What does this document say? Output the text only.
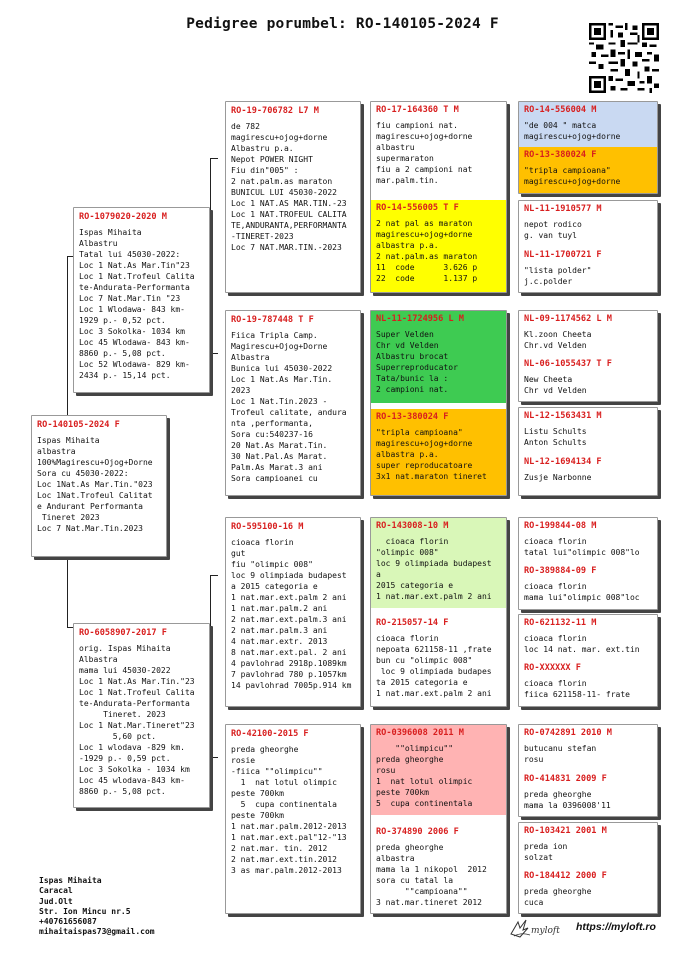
Pedigree porumbel: RO-140105-2024 F
RO-140105-2024 F
Ispas Mihaita
albastra
100%Magirescu+Ojog+Dorne
Sora cu 45030-2022:
Loc 1Nat.As Mar.Tin."023
Loc 1Nat.Trofeul Calitat
e Andurant Performanta
Tineret 2023
Loc 7 Nat.Mar.Tin.2023
RO-1079020-2020 M
Ispas Mihaita
Albastru
Tatal lui 45030-2022:
Loc 1 Nat.As Mar.Tin"23
Loc 1 Nat.Trofeul Calita
te-Andurata-Performanta
Loc 7 Nat.Mar.Tin "23
Loc 1 Wlodawa- 843 km-
1929 p.- 0,52 pct.
Loc 3 Sokolka- 1034 km
Loc 45 Wlodawa- 843 km-
8860 p.- 5,08 pct.
Loc 52 Wlodawa- 829 km-
2434 p.- 15,14 pct.
RO-6058907-2017 F
orig. Ispas Mihaita
Albastra
mama lui 45030-2022
Loc 1 Nat.As Mar.Tin."23
Loc 1 Nat.Trofeul Calita
te-Andurata-Performanta
Tineret. 2023
Loc 1 Nat.Mar.Tineret"23
5,60 pct.
Loc 1 wlodava -829 km.
-1929 p.- 0,59 pct.
Loc 3 Sokolka - 1034 km
Loc 45 wlodava-843 km-
8860 p.- 5,08 pct.
RO-19-706782 L7 M
de 782
magirescu+ojog+dorne
Albastru p.a.
Nepot POWER NIGHT
Fiu din"005" :
2 nat.palm.as maraton
BUNICUL LUI 45030-2022
Loc 1 NAT.AS MAR.TIN.-23
Loc 1 NAT.TROFEUL CALITA
TE,ANDURANTA,PERFORMANTA
-TINERET-2023
Loc 7 NAT.MAR.TIN.-2023
RO-19-787448 T F
Fiica Tripla Camp.
Magirescu+Ojog+Dorne
Albastra
Bunica lui 45030-2022
Loc 1 Nat.As Mar.Tin.
2023
Loc 1 Nat.Tin.2023 -
Trofeul calitate, andura
nta ,performanta,
Sora cu:540237-16
20 Nat.As Marat.Tin.
30 Nat.Pal.As Marat.
Palm.As Marat.3 ani
Sora campioanei cu
RO-595100-16 M
cioaca florin
gut
fiu "olimpic 008"
loc 9 olimpiada budapest
a 2015 categoria e
1 nat.mar.ext.palm 2 ani
1 nat.mar.palm.2 ani
2 nat.mar.ext.palm.3 ani
2 nat.mar.palm.3 ani
4 nat.mar.extr. 2013
8 nat.mar.ext.pal. 2 ani
4 pavlohrad 2918p.1089km
7 pavlohrad 780 p.1057km
14 pavlohrad 7005p.914 km
RO-42100-2015 F
preda gheorghe
rosie
-fiica ""olimpicu""
1  nat lotul olimpic
peste 700km
5  cupa continentala
peste 700km
1 nat.mar.palm.2012-2013
1 nat.mar.ext.pal"12-"13
2 nat.mar. tin. 2012
2 nat.mar.ext.tin.2012
3 as mar.palm.2012-2013
RO-17-164360 T M
fiu campioni nat.
magirescu+ojog+dorne
albastru
supermaraton
fiu a 2 campioni nat
mar.palm.tin.
RO-14-556005 T F
2 nat pal as maraton
magirescu+ojog+dorne
albastra p.a.
2 nat.palm.as maraton
11  code      3.626 p
22  code      1.137 p
NL-11-1724956 L M
Super Velden
Chr vd Velden
Albastru brocat
Superreproducator
Tata/bunic la :
2 campioni nat.
RO-13-380024 F
"tripla campioana"
magirescu+ojog+dorne
albastra p.a.
super reproducatoare
3x1 nat.maraton tineret
RO-143008-10 M
cioaca florin
"olimpic 008"
loc 9 olimpiada budapest
a
2015 categoria e
1 nat.mar.ext.palm 2 ani
RO-215057-14 F
cioaca florin
nepoata 621158-11 ,frate
bun cu "olimpic 008"
loc 9 olimpiada budapes
ta 2015 categoria e
1 nat.mar.ext.palm 2 ani
RO-0396008 2011 M
""olimpicu""
preda gheorghe
rosu
1  nat lotul olimpic
peste 700km
5  cupa continentala
RO-374890 2006 F
preda gheorghe
albastra
mama la 1 nikopol  2012
sora cu tatal la
""campioana""
3 nat.mar.tineret 2012
RO-14-556004 M
"de 004 " matca
magirescu+ojog+dorne
RO-13-380024 F
"tripla campioana"
magirescu+ojog+dorne
NL-11-1910577 M
nepot rodico
g. van tuyl
NL-11-1700721 F
"lista polder"
j.c.polder
NL-09-1174562 L M
Kl.zoon Cheeta
Chr.vd Velden
NL-06-1055437 T F
New Cheeta
Chr vd Velden
NL-12-1563431 M
Listu Schults
Anton Schults
NL-12-1694134 F
Zusje Narbonne
RO-199844-08 M
cioaca florin
tatal lui"olimpic 008"lo
RO-389884-09 F
cioaca florin
mama lui"olimpic 008"loc
RO-621132-11 M
cioaca florin
loc 14 nat. mar. ext.tin
RO-XXXXXX F
cioaca florin
fiica 621158-11- frate
RO-0742891 2010 M
butucanu stefan
rosu
RO-414831 2009 F
preda gheorghe
mama la 0396008'11
RO-103421 2001 M
preda ion
solzat
RO-184412 2000 F
preda gheorghe
cuca
Ispas Mihaita
Caracal
Jud.Olt
Str. Ion Mincu nr.5
+40761656087
mihaitaispas73@gmail.com	myloft https://myloft.ro
